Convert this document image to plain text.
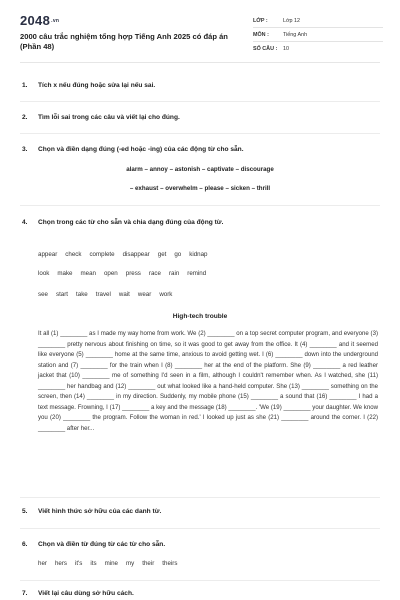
$2048^{.vn}$
2000 câu trắc nghiệm tổng hợp Tiếng Anh 2025 có đáp án (Phần 48)
LỚP :	Lớp 12
MÔN :	Tiếng Anh
SỐ CÂU :	10
1. Tích x nếu đúng hoặc sửa lại nếu sai.
2. Tìm lỗi sai trong các câu và viết lại cho đúng.
3. Chọn và điền dạng đúng (-ed hoặc -ing) của các động từ cho sẵn.
alarm – annoy – astonish – captivate – discourage
– exhaust – overwhelm – please – sicken – thrill
4. Chọn trong các từ cho sẵn và chia dạng đúng của động từ.
appear check complete disappear get go kidnap
look make mean open press race rain remind
see start take travel wait wear work
High-tech trouble
It all (1) ________ as I made my way home from work. We (2) ________ on a top secret computer program, and everyone (3) ________ pretty nervous about finishing on time, so it was good to get away from the office. It (4) ________ and it seemed like everyone (5) ________ home at the same time, anxious to avoid getting wet. I (6) ________ down into the underground station and (7) ________ for the train when I (8) ________ her at the end of the platform. She (9) ________ a red leather jacket that (10) ________ me of something I'd seen in a film, although I couldn't remember when. As I watched, she (11) ________ her handbag and (12) ________ out what looked like a hand-held computer. She (13) ________ something on the screen, then (14) ________ in my direction. Suddenly, my mobile phone (15) ________ a sound that (16) ________ I had a text message. Frowning, I (17) ________ a key and the message (18) ________. 'We (19) ________ your daughter. We know you (20) ________ the program. Follow the woman in red.' I looked up just as she (21) ________ around the corner. I (22) ________ after her...
5. Viết hình thức sở hữu của các danh từ.
6. Chọn và điền từ đúng từ các từ cho sẵn.
her hers it's its mine my their theirs
7. Viết lại câu dùng sở hữu cách.
